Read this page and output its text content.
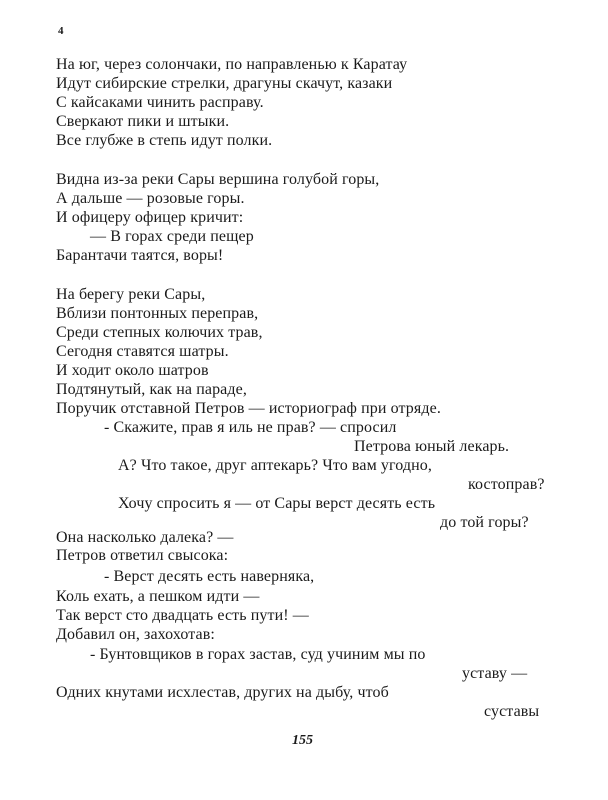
4
На юг, через солончаки, по направленью к Каратау
Идут сибирские стрелки, драгуны скачут, казаки
С кайсаками чинить расправу.
Сверкают пики и штыки.
Все глубже в степь идут полки.
Видна из-за реки Сары вершина голубой горы,
А дальше — розовые горы.
И офицеру офицер кричит:
— В горах среди пещер
Барантачи таятся, воры!
На берегу реки Сары,
Вблизи понтонных переправ,
Среди степных колючих трав,
Сегодня ставятся шатры.
И ходит около шатров
Подтянутый, как на параде,
Поручик отставной Петров — историограф при отряде.
- Скажите, прав я иль не прав? — спросил
Петрова юный лекарь.
А? Что такое, друг аптекарь? Что вам угодно,
костоправ?
Хочу спросить я — от Сары верст десять есть
до той горы?
Она насколько далека? —
Петров ответил свысока:
- Верст десять есть наверняка,
Коль ехать, а пешком идти —
Так верст сто двадцать есть пути! —
Добавил он, захохотав:
- Бунтовщиков в горах застав, суд учиним мы по
уставу —
Одних кнутами исхлестав, других на дыбу, чтоб
суставы
155
